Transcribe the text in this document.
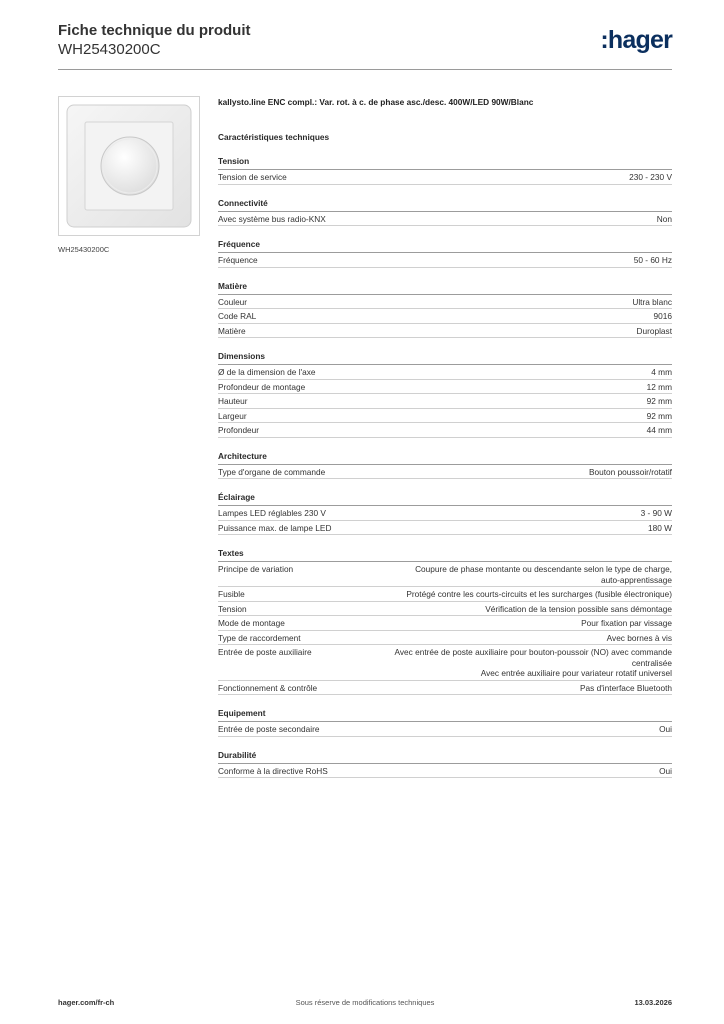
Fiche technique du produit
WH25430200C	:hager
WH25430200C
kallysto.line ENC compl.: Var. rot. à c. de phase asc./desc. 400W/LED 90W/Blanc
Caractéristiques techniques
Tension
Tension de service	230 - 230 V
Connectivité
Avec système bus radio-KNX	Non
Fréquence
Fréquence	50 - 60 Hz
Matière
Couleur	Ultra blanc
Code RAL	9016
Matière	Duroplast
Dimensions
Ø de la dimension de l'axe	4 mm
Profondeur de montage	12 mm
Hauteur	92 mm
Largeur	92 mm
Profondeur	44 mm
Architecture
Type d'organe de commande	Bouton poussoir/rotatif
Éclairage
Lampes LED réglables 230 V	3 - 90 W
Puissance max. de lampe LED	180 W
Textes
Principe de variation	Coupure de phase montante ou descendante selon le type de charge,
auto-apprentissage
Fusible	Protégé contre les courts-circuits et les surcharges (fusible électronique)
Tension	Vérification de la tension possible sans démontage
Mode de montage	Pour fixation par vissage
Type de raccordement	Avec bornes à vis
Entrée de poste auxiliaire	Avec entrée de poste auxiliaire pour bouton-poussoir (NO) avec commande
centralisée
Avec entrée auxiliaire pour variateur rotatif universel
Fonctionnement & contrôle	Pas d'interface Bluetooth
Equipement
Entrée de poste secondaire	Oui
Durabilité
Conforme à la directive RoHS	Oui
hager.com/fr-ch	Sous réserve de modifications techniques	13.03.2026
